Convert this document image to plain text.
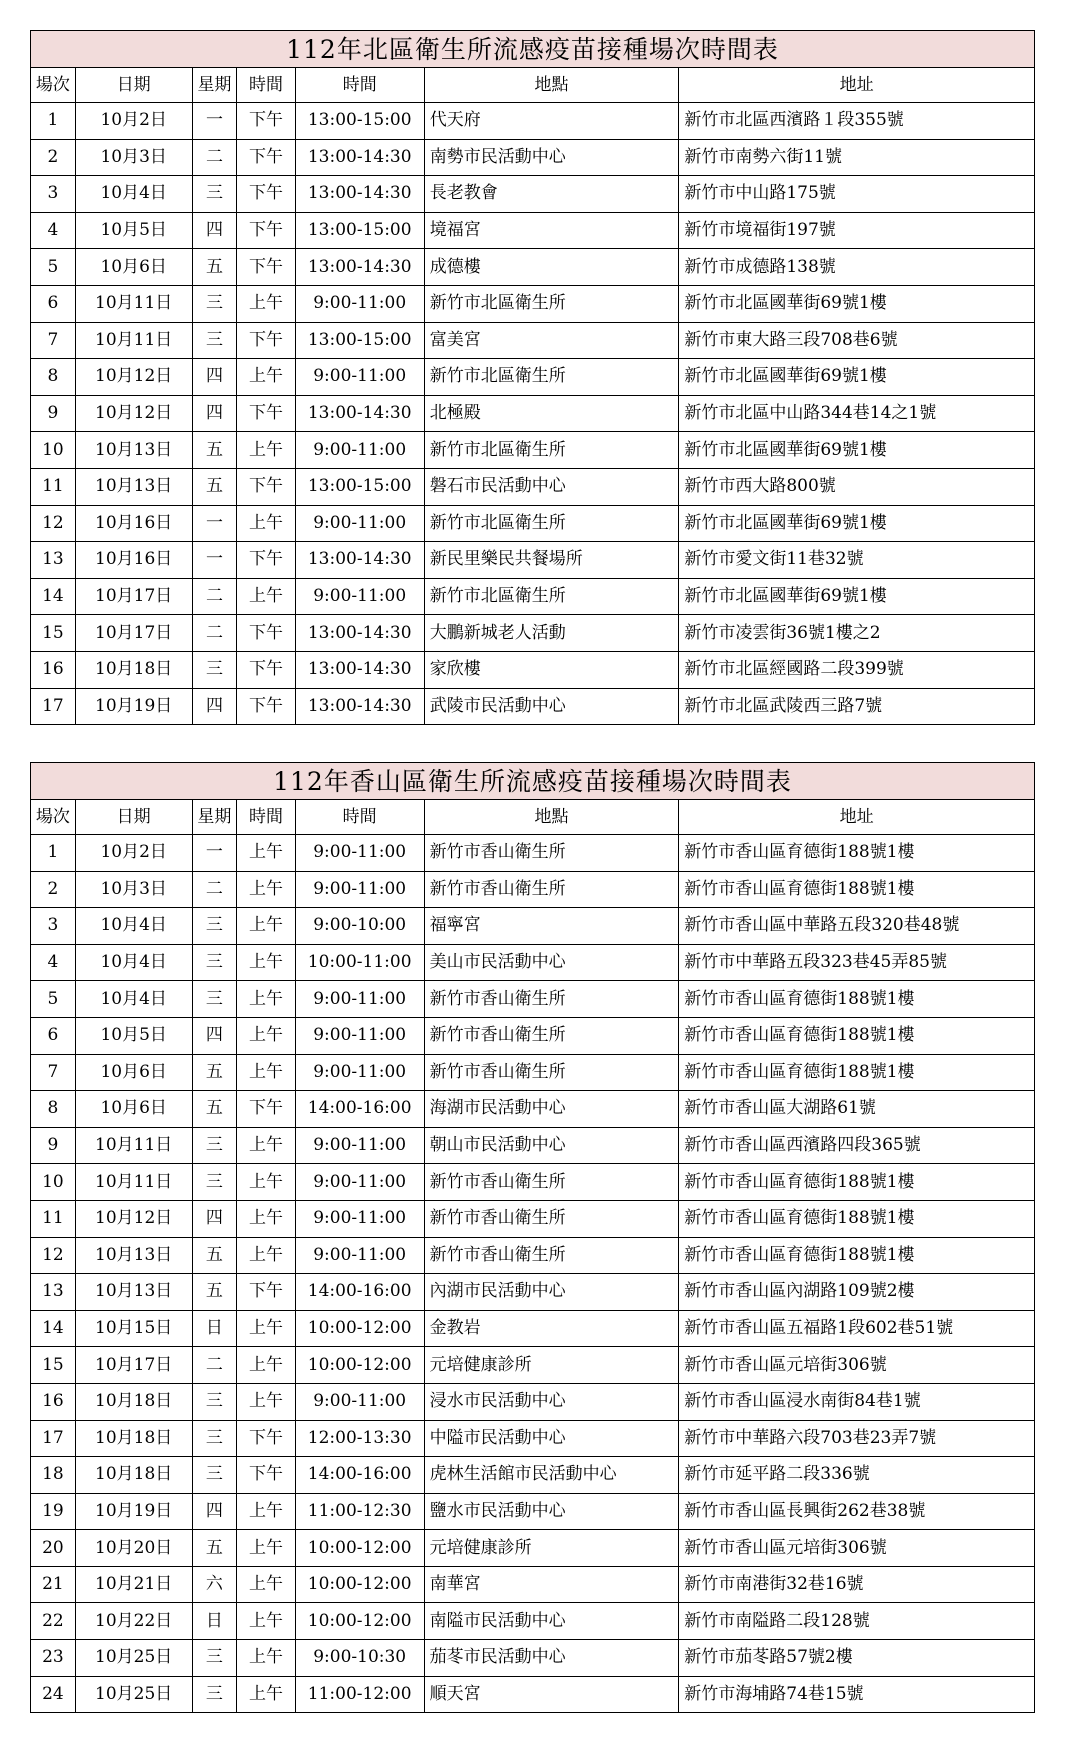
112年北區衛生所流感疫苗接種場次時間表						
場次	日期	星期	時間	時間	地點	地址
1	10月2日	一	下午	13:00-15:00	代天府	新竹市北區西濱路１段355號
2	10月3日	二	下午	13:00-14:30	南勢市民活動中心	新竹市南勢六街11號
3	10月4日	三	下午	13:00-14:30	長老教會	新竹市中山路175號
4	10月5日	四	下午	13:00-15:00	境福宮	新竹市境福街197號
5	10月6日	五	下午	13:00-14:30	成德樓	新竹市成德路138號
6	10月11日	三	上午	9:00-11:00	新竹市北區衛生所	新竹市北區國華街69號1樓
7	10月11日	三	下午	13:00-15:00	富美宮	新竹市東大路三段708巷6號
8	10月12日	四	上午	9:00-11:00	新竹市北區衛生所	新竹市北區國華街69號1樓
9	10月12日	四	下午	13:00-14:30	北極殿	新竹市北區中山路344巷14之1號
10	10月13日	五	上午	9:00-11:00	新竹市北區衛生所	新竹市北區國華街69號1樓
11	10月13日	五	下午	13:00-15:00	磐石市民活動中心	新竹市西大路800號
12	10月16日	一	上午	9:00-11:00	新竹市北區衛生所	新竹市北區國華街69號1樓
13	10月16日	一	下午	13:00-14:30	新民里樂民共餐場所	新竹市愛文街11巷32號
14	10月17日	二	上午	9:00-11:00	新竹市北區衛生所	新竹市北區國華街69號1樓
15	10月17日	二	下午	13:00-14:30	大鵬新城老人活動	新竹市凌雲街36號1樓之2
16	10月18日	三	下午	13:00-14:30	家欣樓	新竹市北區經國路二段399號
17	10月19日	四	下午	13:00-14:30	武陵市民活動中心	新竹市北區武陵西三路7號
112年香山區衛生所流感疫苗接種場次時間表						
場次	日期	星期	時間	時間	地點	地址
1	10月2日	一	上午	9:00-11:00	新竹市香山衛生所	新竹市香山區育德街188號1樓
2	10月3日	二	上午	9:00-11:00	新竹市香山衛生所	新竹市香山區育德街188號1樓
3	10月4日	三	上午	9:00-10:00	福寧宮	新竹市香山區中華路五段320巷48號
4	10月4日	三	上午	10:00-11:00	美山市民活動中心	新竹市中華路五段323巷45弄85號
5	10月4日	三	上午	9:00-11:00	新竹市香山衛生所	新竹市香山區育德街188號1樓
6	10月5日	四	上午	9:00-11:00	新竹市香山衛生所	新竹市香山區育德街188號1樓
7	10月6日	五	上午	9:00-11:00	新竹市香山衛生所	新竹市香山區育德街188號1樓
8	10月6日	五	下午	14:00-16:00	海湖市民活動中心	新竹市香山區大湖路61號
9	10月11日	三	上午	9:00-11:00	朝山市民活動中心	新竹市香山區西濱路四段365號
10	10月11日	三	上午	9:00-11:00	新竹市香山衛生所	新竹市香山區育德街188號1樓
11	10月12日	四	上午	9:00-11:00	新竹市香山衛生所	新竹市香山區育德街188號1樓
12	10月13日	五	上午	9:00-11:00	新竹市香山衛生所	新竹市香山區育德街188號1樓
13	10月13日	五	下午	14:00-16:00	內湖市民活動中心	新竹市香山區內湖路109號2樓
14	10月15日	日	上午	10:00-12:00	金教岩	新竹市香山區五福路1段602巷51號
15	10月17日	二	上午	10:00-12:00	元培健康診所	新竹市香山區元培街306號
16	10月18日	三	上午	9:00-11:00	浸水市民活動中心	新竹市香山區浸水南街84巷1號
17	10月18日	三	下午	12:00-13:30	中隘市民活動中心	新竹市中華路六段703巷23弄7號
18	10月18日	三	下午	14:00-16:00	虎林生活館市民活動中心	新竹市延平路二段336號
19	10月19日	四	上午	11:00-12:30	鹽水市民活動中心	新竹市香山區長興街262巷38號
20	10月20日	五	上午	10:00-12:00	元培健康診所	新竹市香山區元培街306號
21	10月21日	六	上午	10:00-12:00	南華宮	新竹市南港街32巷16號
22	10月22日	日	上午	10:00-12:00	南隘市民活動中心	新竹市南隘路二段128號
23	10月25日	三	上午	9:00-10:30	茄苳市民活動中心	新竹市茄苳路57號2樓
24	10月25日	三	上午	11:00-12:00	順天宮	新竹市海埔路74巷15號
